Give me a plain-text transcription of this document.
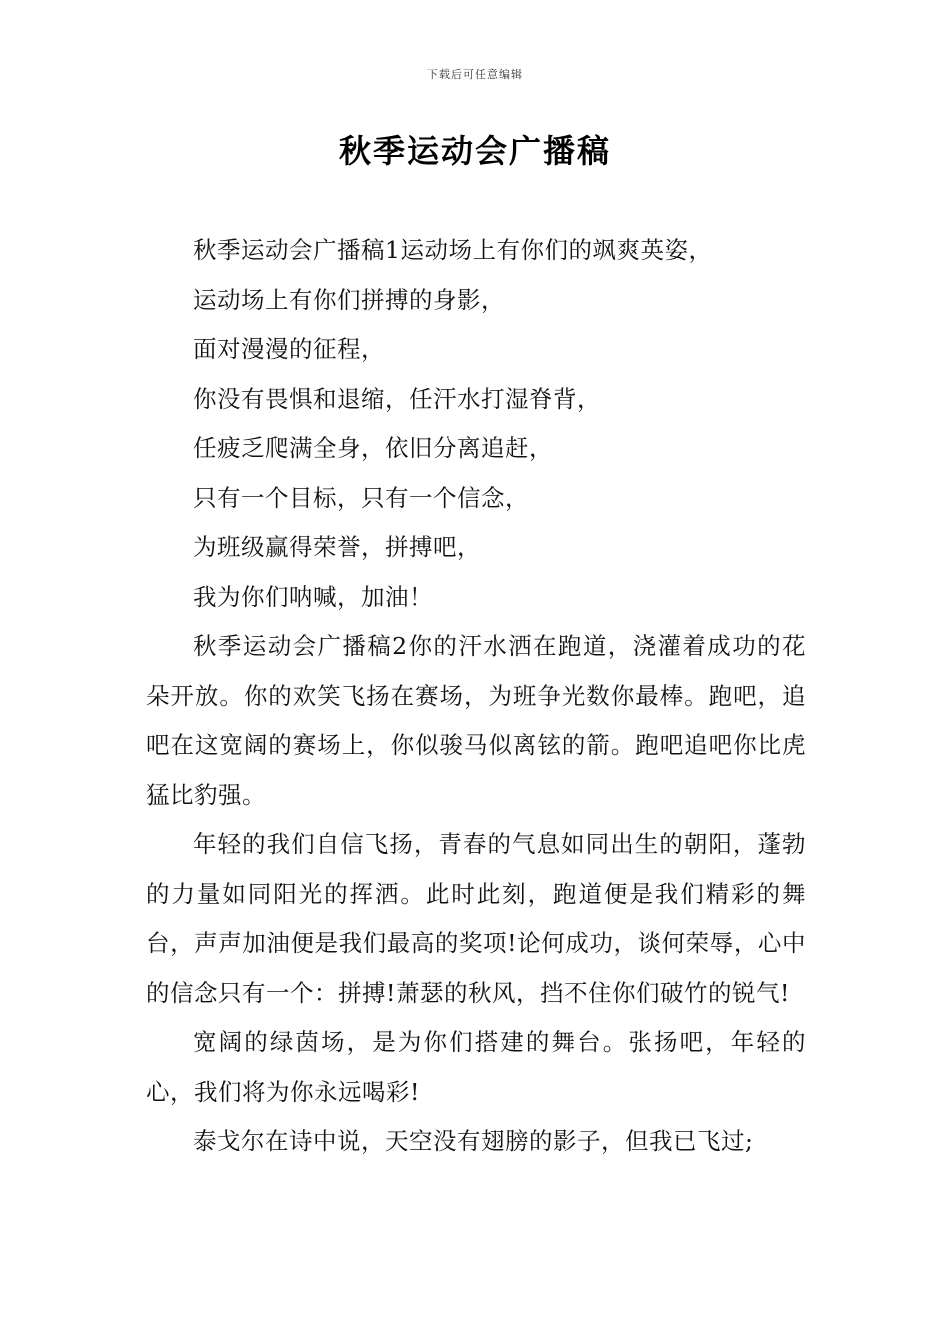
下载后可任意编辑
秋季运动会广播稿

秋季运动会广播稿1运动场上有你们的飒爽英姿，

运动场上有你们拼搏的身影，

面对漫漫的征程，

你没有畏惧和退缩，任汗水打湿脊背，

任疲乏爬满全身，依旧分离追赶，

只有一个目标，只有一个信念，

为班级赢得荣誉，拼搏吧，

我为你们呐喊，加油！

秋季运动会广播稿2你的汗水洒在跑道，浇灌着成功的花朵开放。你的欢笑飞扬在赛场，为班争光数你最棒。跑吧，追吧在这宽阔的赛场上，你似骏马似离铉的箭。跑吧追吧你比虎猛比豹强。

年轻的我们自信飞扬，青春的气息如同出生的朝阳，蓬勃的力量如同阳光的挥洒。此时此刻，跑道便是我们精彩的舞台，声声加油便是我们最高的奖项!论何成功，谈何荣辱，心中的信念只有一个：拼搏!萧瑟的秋风，挡不住你们破竹的锐气!

宽阔的绿茵场，是为你们搭建的舞台。张扬吧，年轻的心，我们将为你永远喝彩!

泰戈尔在诗中说，天空没有翅膀的影子，但我已飞过;
